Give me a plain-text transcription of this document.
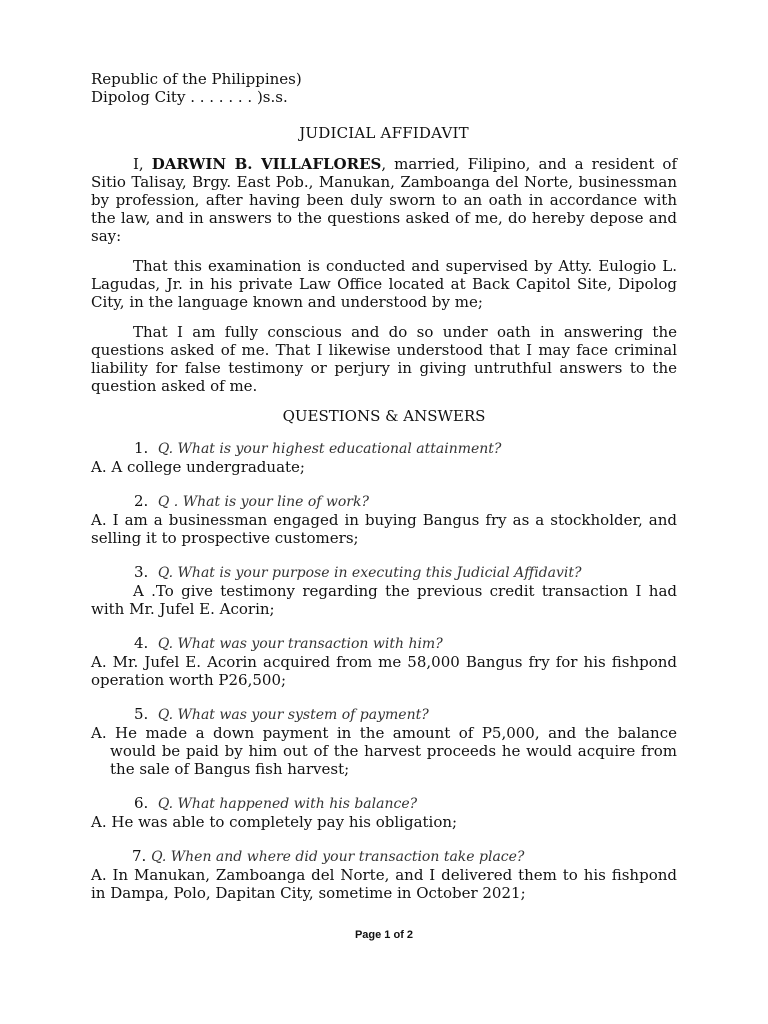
Republic of the Philippines)

Dipolog City . . . . . . . )s.s.

JUDICIAL AFFIDAVIT

I, DARWIN B. VILLAFLORES, married, Filipino, and a resident of Sitio Talisay, Brgy. East Pob., Manukan, Zamboanga del Norte, businessman by profession, after having been duly sworn to an oath in accordance with the law, and in answers to the questions asked of me, do hereby depose and say:

That this examination is conducted and supervised by Atty. Eulogio L. Lagudas, Jr. in his private Law Office located at Back Capitol Site, Dipolog City, in the language known and understood by me;

That I am fully conscious and do so under oath in answering the questions asked of me. That I likewise understood that I may face criminal liability for false testimony or perjury in giving untruthful answers to the question asked of me.

QUESTIONS & ANSWERS

1. Q. What is your highest educational attainment?

A. A college undergraduate;

2. Q . What is your line of work?

A. I am a businessman engaged in buying Bangus fry as a stockholder, and selling it to prospective customers;

3. Q. What is your purpose in executing this Judicial Affidavit?

A .To give testimony regarding the previous credit transaction I had with Mr. Jufel E. Acorin;

4. Q. What was your transaction with him?

A. Mr. Jufel E. Acorin acquired from me 58,000 Bangus fry for his fishpond operation worth P26,500;

5. Q. What was your system of payment?

A. He made a down payment in the amount of P5,000, and the balance would be paid by him out of the harvest proceeds he would acquire from the sale of Bangus fish harvest;

6. Q. What happened with his balance?

A. He was able to completely pay his obligation;

7. Q. When and where did your transaction take place?

A. In Manukan, Zamboanga del Norte, and I delivered them to his fishpond in Dampa, Polo, Dapitan City, sometime in October 2021;

Page 1 of 2
